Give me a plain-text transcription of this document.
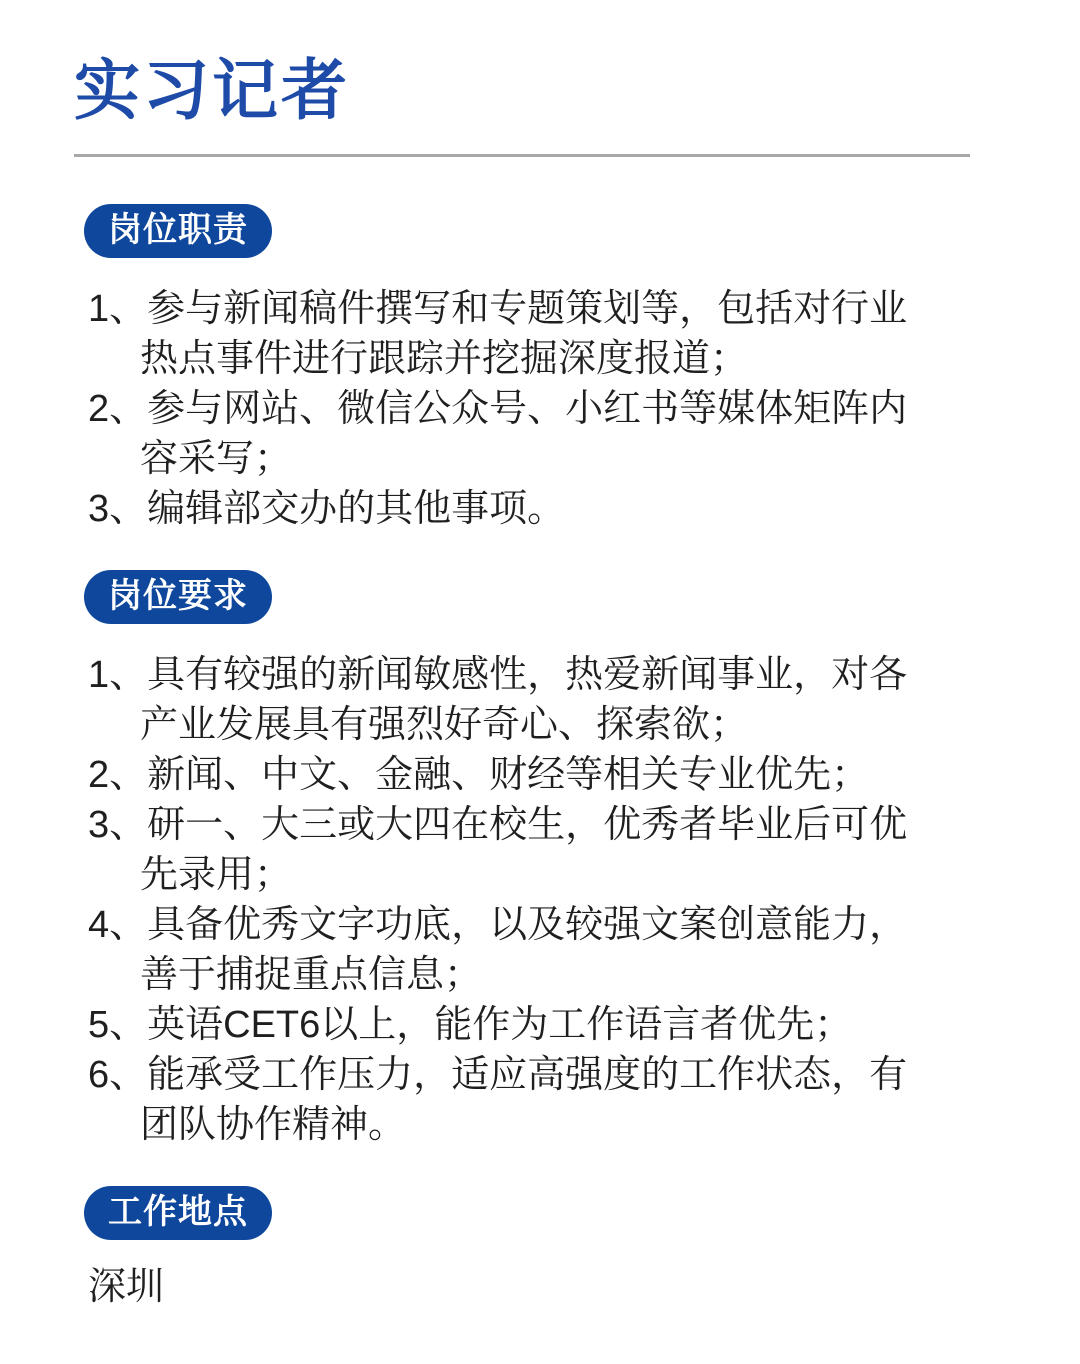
实习记者
岗位职责
1、参与新闻稿件撰写和专题策划等，包括对行业热点事件进行跟踪并挖掘深度报道；
2、参与网站、微信公众号、小红书等媒体矩阵内容采写；
3、编辑部交办的其他事项。
岗位要求
1、具有较强的新闻敏感性，热爱新闻事业，对各产业发展具有强烈好奇心、探索欲；
2、新闻、中文、金融、财经等相关专业优先；
3、研一、大三或大四在校生，优秀者毕业后可优先录用；
4、具备优秀文字功底，以及较强文案创意能力，善于捕捉重点信息；
5、英语CET6以上，能作为工作语言者优先；
6、能承受工作压力，适应高强度的工作状态，有团队协作精神。
工作地点
深圳
